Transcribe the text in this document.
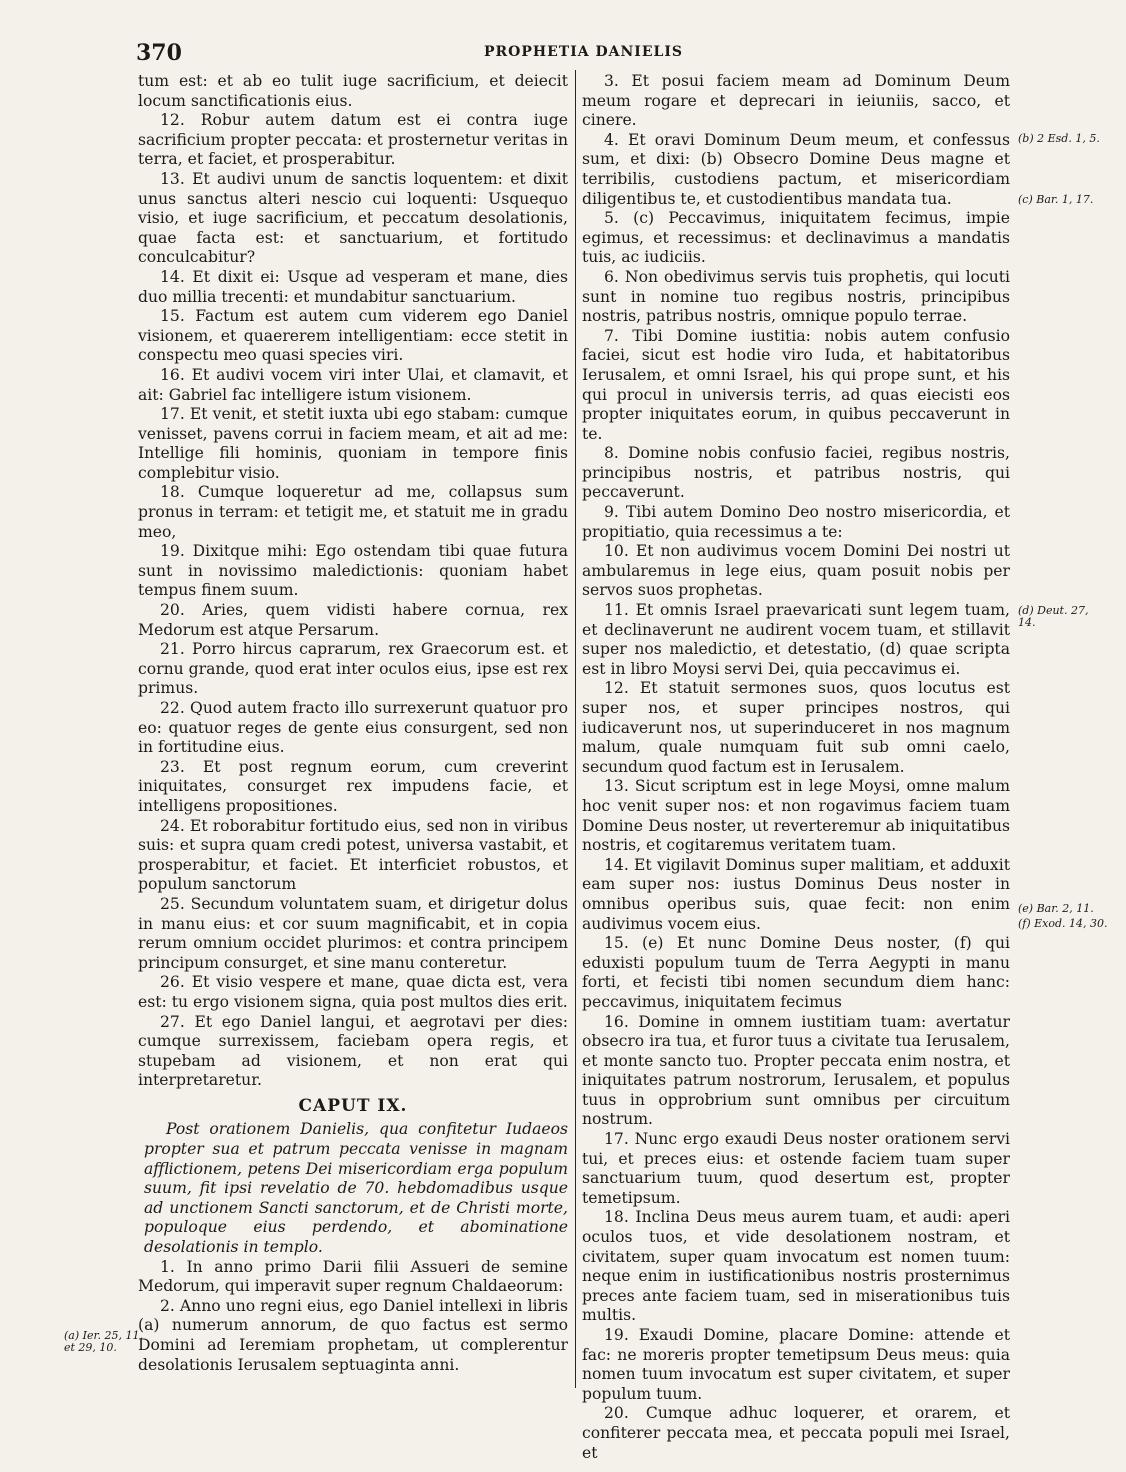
370	PROPHETIA DANIELIS

tum est: et ab eo tulit iuge sacrificium, et deiecit locum sanctificationis eius.

12. Robur autem datum est ei contra iuge sacrificium propter peccata: et prosternetur veritas in terra, et faciet, et prosperabitur.

13. Et audivi unum de sanctis loquentem: et dixit unus sanctus alteri nescio cui loquenti: Usquequo visio, et iuge sacrificium, et peccatum desolationis, quae facta est: et sanctuarium, et fortitudo conculcabitur?

14. Et dixit ei: Usque ad vesperam et mane, dies duo millia trecenti: et mundabitur sanctuarium.

15. Factum est autem cum viderem ego Daniel visionem, et quaererem intelligentiam: ecce stetit in conspectu meo quasi species viri.

16. Et audivi vocem viri inter Ulai, et clamavit, et ait: Gabriel fac intelligere istum visionem.

17. Et venit, et stetit iuxta ubi ego stabam: cumque venisset, pavens corrui in faciem meam, et ait ad me: Intellige fili hominis, quoniam in tempore finis complebitur visio.

18. Cumque loqueretur ad me, collapsus sum pronus in terram: et tetigit me, et statuit me in gradu meo,

19. Dixitque mihi: Ego ostendam tibi quae futura sunt in novissimo maledictionis: quoniam habet tempus finem suum.

20. Aries, quem vidisti habere cornua, rex Medorum est atque Persarum.

21. Porro hircus caprarum, rex Graecorum est. et cornu grande, quod erat inter oculos eius, ipse est rex primus.

22. Quod autem fracto illo surrexerunt quatuor pro eo: quatuor reges de gente eius consurgent, sed non in fortitudine eius.

23. Et post regnum eorum, cum creverint iniquitates, consurget rex impudens facie, et intelligens propositiones.

24. Et roborabitur fortitudo eius, sed non in viribus suis: et supra quam credi potest, universa vastabit, et prosperabitur, et faciet. Et interficiet robustos, et populum sanctorum

25. Secundum voluntatem suam, et dirigetur dolus in manu eius: et cor suum magnificabit, et in copia rerum omnium occidet plurimos: et contra principem principum consurget, et sine manu conteretur.

26. Et visio vespere et mane, quae dicta est, vera est: tu ergo visionem signa, quia post multos dies erit.

27. Et ego Daniel langui, et aegrotavi per dies: cumque surrexissem, faciebam opera regis, et stupebam ad visionem, et non erat qui interpretaretur.

CAPUT IX.

Post orationem Danielis, qua confitetur Iudaeos propter sua et patrum peccata venisse in magnam afflictionem, petens Dei misericordiam erga populum suum, fit ipsi revelatio de 70. hebdomadibus usque ad unctionem Sancti sanctorum, et de Christi morte, populoque eius perdendo, et abominatione desolationis in templo.

1. In anno primo Darii filii Assueri de semine Medorum, qui imperavit super regnum Chaldaeorum:

2. Anno uno regni eius, ego Daniel intellexi in libris (a) numerum annorum, de quo factus est sermo Domini ad Ieremiam prophetam, ut complerentur desolationis Ierusalem septuaginta anni.

3. Et posui faciem meam ad Dominum Deum meum rogare et deprecari in ieiuniis, sacco, et cinere.

4. Et oravi Dominum Deum meum, et confessus sum, et dixi: (b) Obsecro Domine Deus magne et terribilis, custodiens pactum, et misericordiam diligentibus te, et custodientibus mandata tua.

5. (c) Peccavimus, iniquitatem fecimus, impie egimus, et recessimus: et declinavimus a mandatis tuis, ac iudiciis.

6. Non obedivimus servis tuis prophetis, qui locuti sunt in nomine tuo regibus nostris, principibus nostris, patribus nostris, omnique populo terrae.

7. Tibi Domine iustitia: nobis autem confusio faciei, sicut est hodie viro Iuda, et habitatoribus Ierusalem, et omni Israel, his qui prope sunt, et his qui procul in universis terris, ad quas eiecisti eos propter iniquitates eorum, in quibus peccaverunt in te.

8. Domine nobis confusio faciei, regibus nostris, principibus nostris, et patribus nostris, qui peccaverunt.

9. Tibi autem Domino Deo nostro misericordia, et propitiatio, quia recessimus a te:

10. Et non audivimus vocem Domini Dei nostri ut ambularemus in lege eius, quam posuit nobis per servos suos prophetas.

11. Et omnis Israel praevaricati sunt legem tuam, et declinaverunt ne audirent vocem tuam, et stillavit super nos maledictio, et detestatio, (d) quae scripta est in libro Moysi servi Dei, quia peccavimus ei.

12. Et statuit sermones suos, quos locutus est super nos, et super principes nostros, qui iudicaverunt nos, ut superinduceret in nos magnum malum, quale numquam fuit sub omni caelo, secundum quod factum est in Ierusalem.

13. Sicut scriptum est in lege Moysi, omne malum hoc venit super nos: et non rogavimus faciem tuam Domine Deus noster, ut reverteremur ab iniquitatibus nostris, et cogitaremus veritatem tuam.

14. Et vigilavit Dominus super malitiam, et adduxit eam super nos: iustus Dominus Deus noster in omnibus operibus suis, quae fecit: non enim audivimus vocem eius.

15. (e) Et nunc Domine Deus noster, (f) qui eduxisti populum tuum de Terra Aegypti in manu forti, et fecisti tibi nomen secundum diem hanc: peccavimus, iniquitatem fecimus

16. Domine in omnem iustitiam tuam: avertatur obsecro ira tua, et furor tuus a civitate tua Ierusalem, et monte sancto tuo. Propter peccata enim nostra, et iniquitates patrum nostrorum, Ierusalem, et populus tuus in opprobrium sunt omnibus per circuitum nostrum.

17. Nunc ergo exaudi Deus noster orationem servi tui, et preces eius: et ostende faciem tuam super sanctuarium tuum, quod desertum est, propter temetipsum.

18. Inclina Deus meus aurem tuam, et audi: aperi oculos tuos, et vide desolationem nostram, et civitatem, super quam invocatum est nomen tuum: neque enim in iustificationibus nostris prosternimus preces ante faciem tuam, sed in miserationibus tuis multis.

19. Exaudi Domine, placare Domine: attende et fac: ne moreris propter temetipsum Deus meus: quia nomen tuum invocatum est super civitatem, et super populum tuum.

20. Cumque adhuc loquerer, et orarem, et confiterer peccata mea, et peccata populi mei Israel, et

(a) Ier. 25, 11. et 29, 10.
(b) 2 Esd. 1, 5.
(c) Bar. 1, 17.
(d) Deut. 27, 14.
(e) Bar. 2, 11.
(f) Exod. 14, 30.
